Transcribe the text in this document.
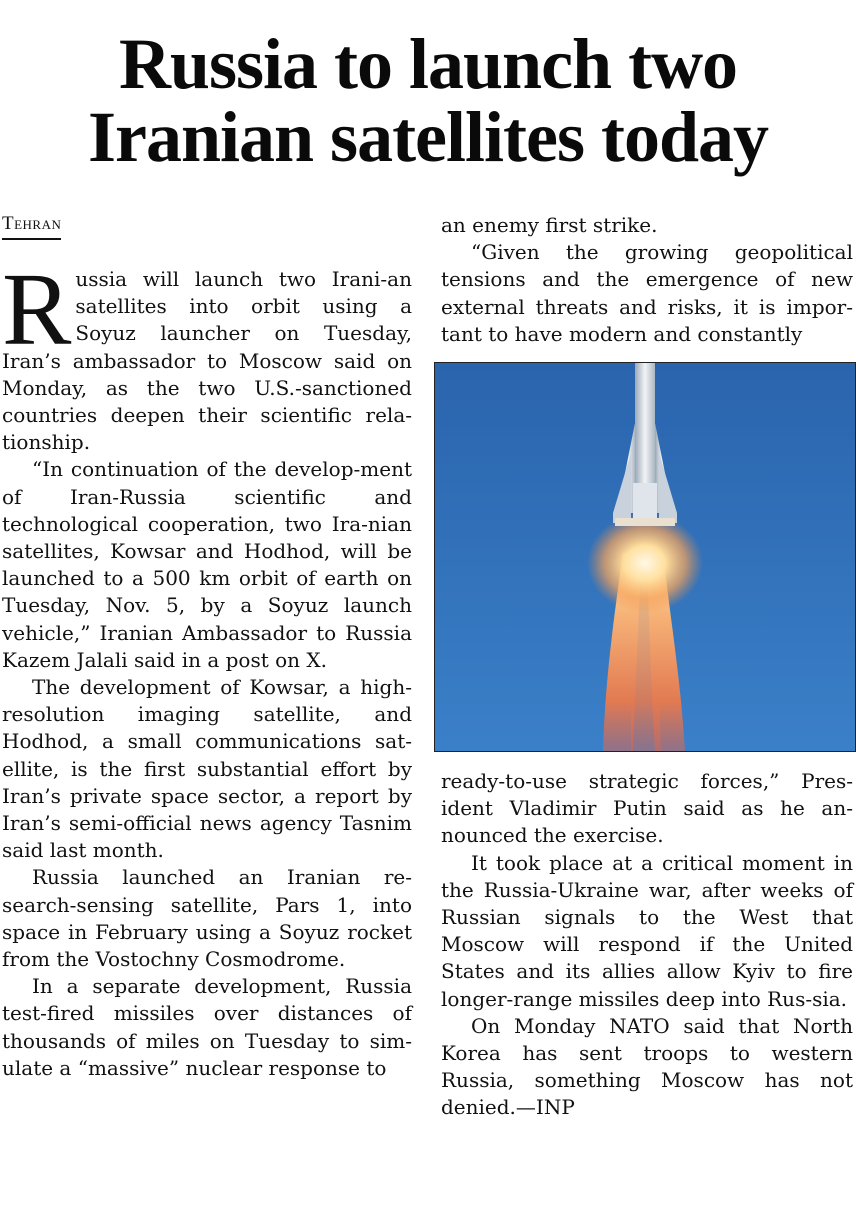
Russia to launch two
Iranian satellites today
Tehran

Russia will launch two Irani-an satellites into orbit using a Soyuz launcher on Tuesday, Iran’s ambassador to Moscow said on Monday, as the two U.S.-sanctioned countries deepen their scientific rela-tionship.

“In continuation of the develop-ment of Iran-Russia scientific and technological cooperation, two Ira-nian satellites, Kowsar and Hodhod, will be launched to a 500 km orbit of earth on Tuesday, Nov. 5, by a Soyuz launch vehicle,” Iranian Ambassador to Russia Kazem Jalali said in a post on X.

The development of Kowsar, a high-resolution imaging satellite, and Hodhod, a small communications sat-ellite, is the first substantial effort by Iran’s private space sector, a report by Iran’s semi-official news agency Tasnim said last month.

Russia launched an Iranian re-search-sensing satellite, Pars 1, into space in February using a Soyuz rocket from the Vostochny Cosmodrome.

In a separate development, Russia test-fired missiles over distances of thousands of miles on Tuesday to sim-ulate a “massive” nuclear response to

an enemy first strike.

“Given the growing geopolitical tensions and the emergence of new external threats and risks, it is impor-tant to have modern and constantly

ready-to-use strategic forces,” Pres-ident Vladimir Putin said as he an-nounced the exercise.

It took place at a critical moment in the Russia-Ukraine war, after weeks of Russian signals to the West that Moscow will respond if the United States and its allies allow Kyiv to fire longer-range missiles deep into Rus-sia.

On Monday NATO said that North Korea has sent troops to western Russia, something Moscow has not denied.—INP
